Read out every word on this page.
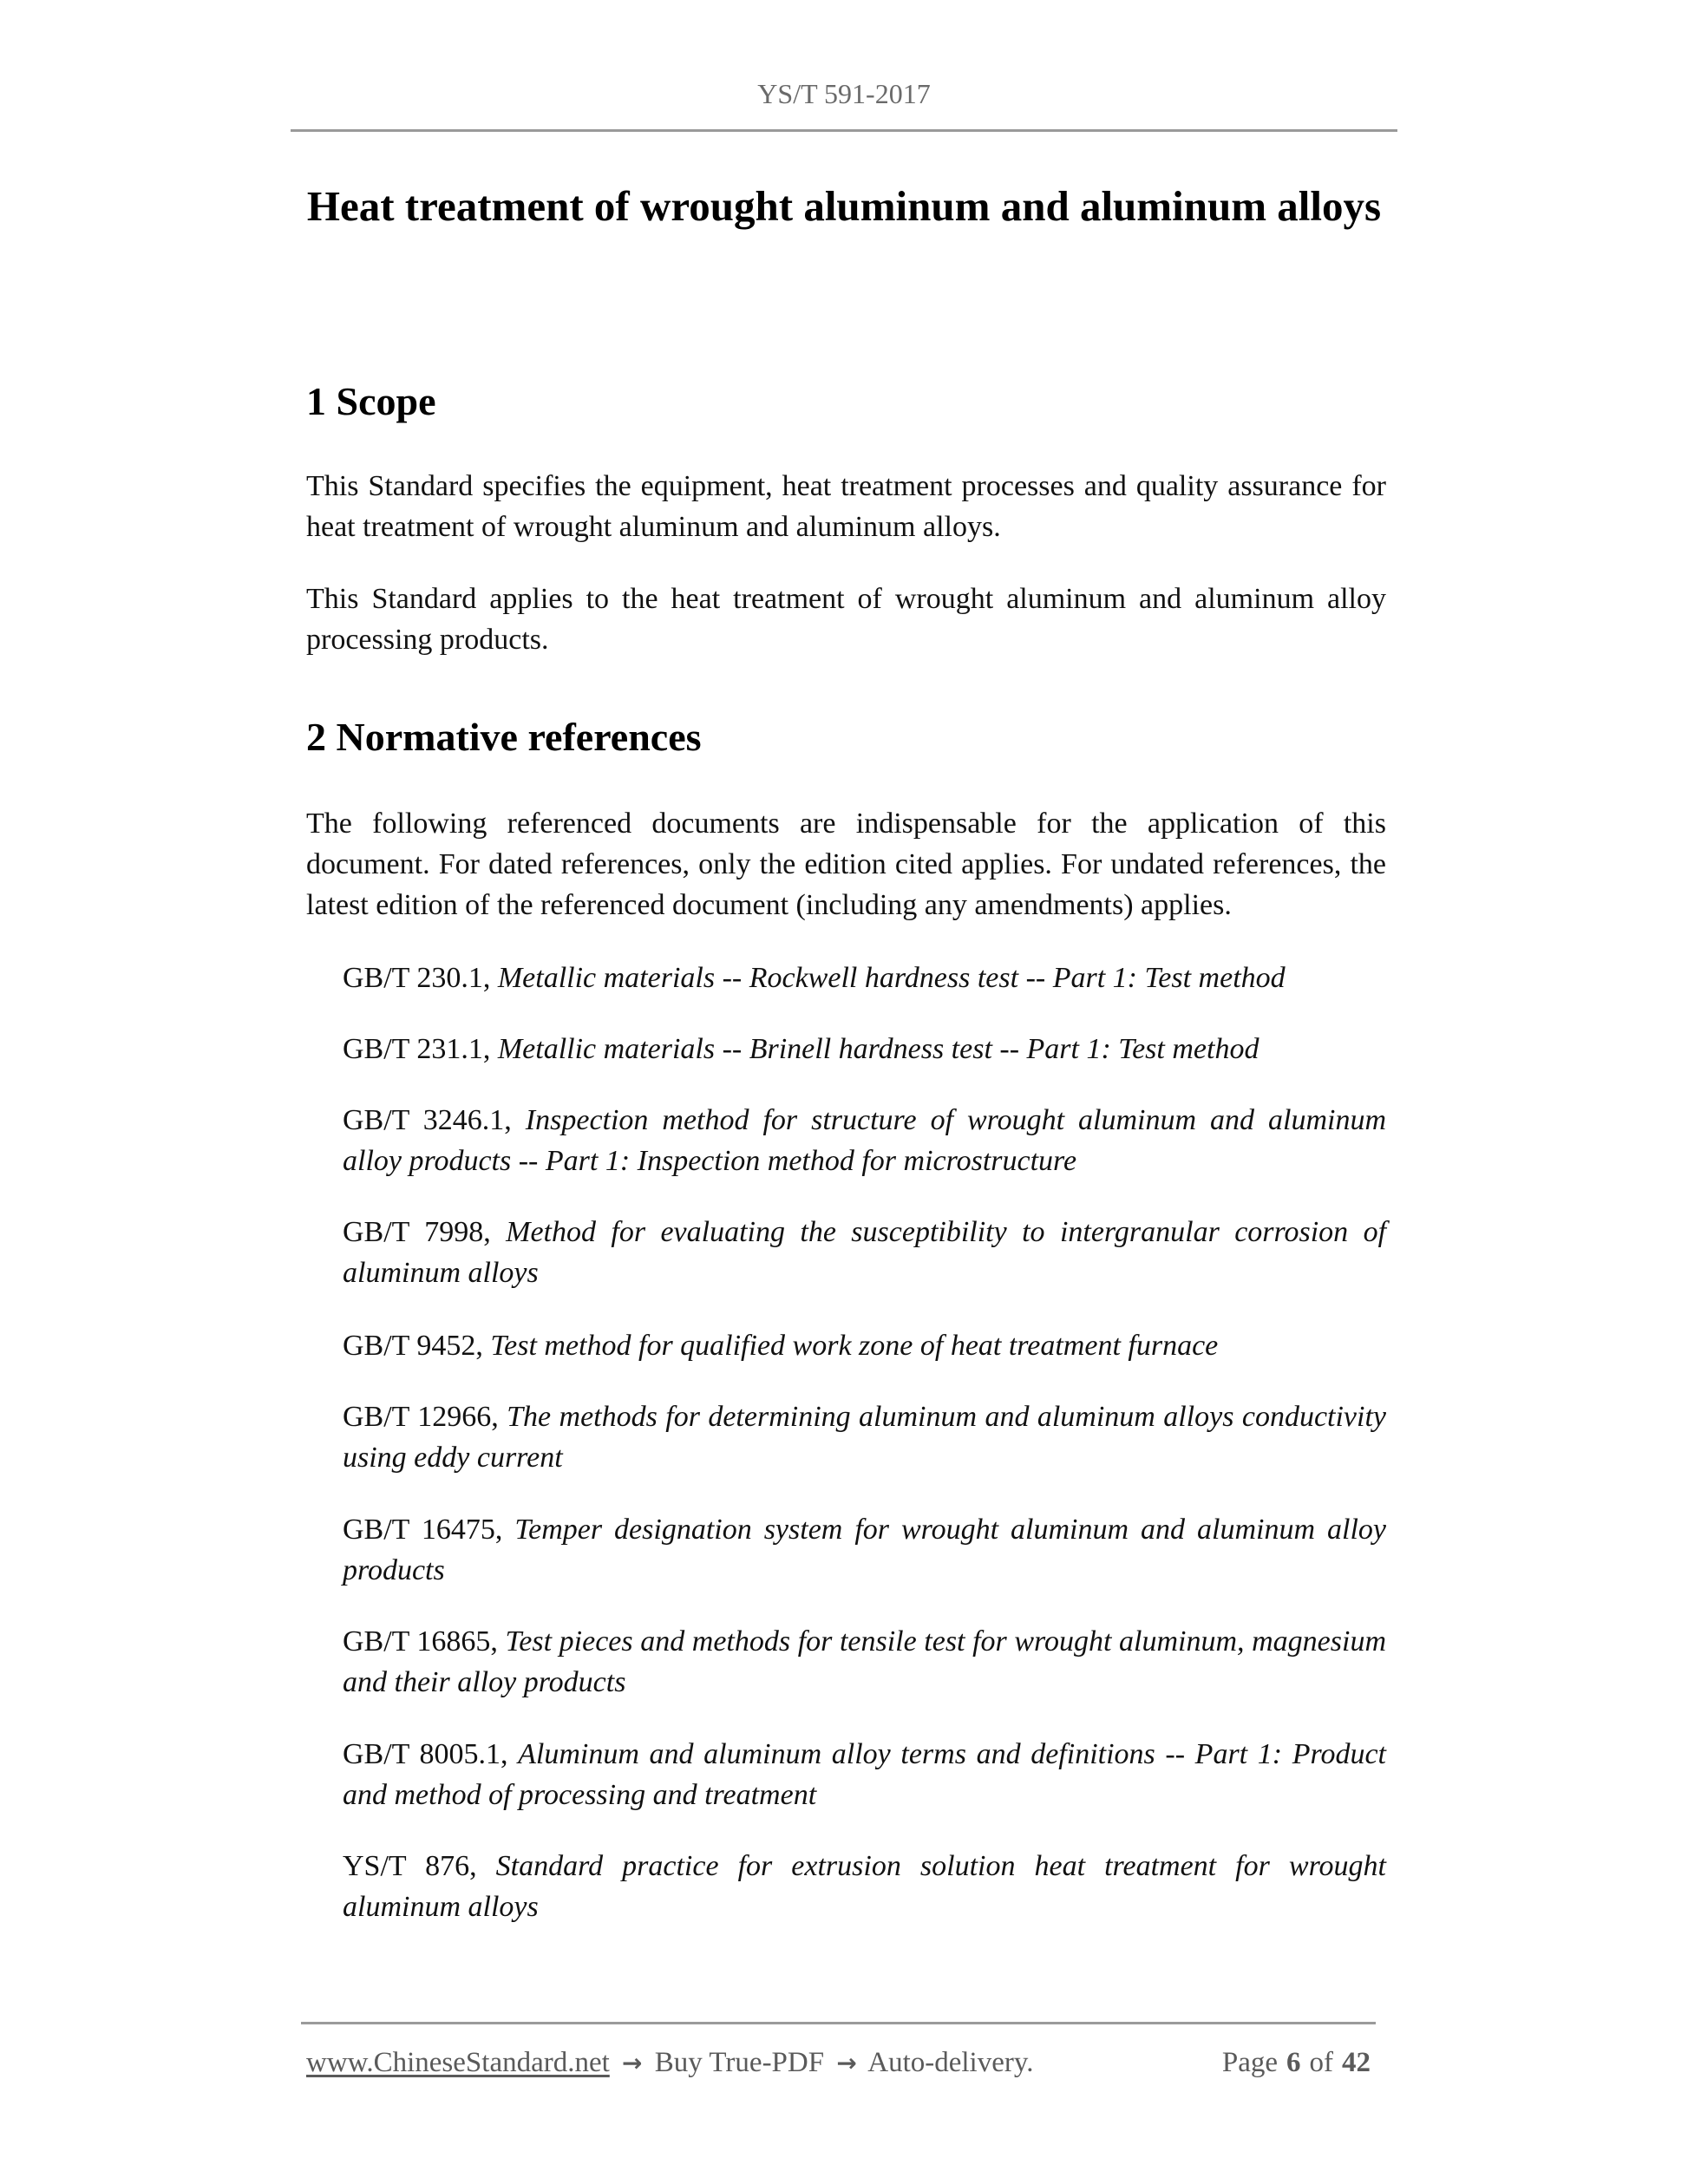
YS/T 591-2017
Heat treatment of wrought aluminum and aluminum alloys
1 Scope
This Standard specifies the equipment, heat treatment processes and quality assurance for heat treatment of wrought aluminum and aluminum alloys.
This Standard applies to the heat treatment of wrought aluminum and aluminum alloy processing products.
2 Normative references
The following referenced documents are indispensable for the application of this document. For dated references, only the edition cited applies. For undated references, the latest edition of the referenced document (including any amendments) applies.
GB/T 230.1, Metallic materials -- Rockwell hardness test -- Part 1: Test method
GB/T 231.1, Metallic materials -- Brinell hardness test -- Part 1: Test method
GB/T 3246.1, Inspection method for structure of wrought aluminum and aluminum alloy products -- Part 1: Inspection method for microstructure
GB/T 7998, Method for evaluating the susceptibility to intergranular corrosion of aluminum alloys
GB/T 9452, Test method for qualified work zone of heat treatment furnace
GB/T 12966, The methods for determining aluminum and aluminum alloys conductivity using eddy current
GB/T 16475, Temper designation system for wrought aluminum and aluminum alloy products
GB/T 16865, Test pieces and methods for tensile test for wrought aluminum, magnesium and their alloy products
GB/T 8005.1, Aluminum and aluminum alloy terms and definitions -- Part 1: Product and method of processing and treatment
YS/T 876, Standard practice for extrusion solution heat treatment for wrought aluminum alloys
www.ChineseStandard.net → Buy True-PDF → Auto-delivery.	Page 6 of 42
